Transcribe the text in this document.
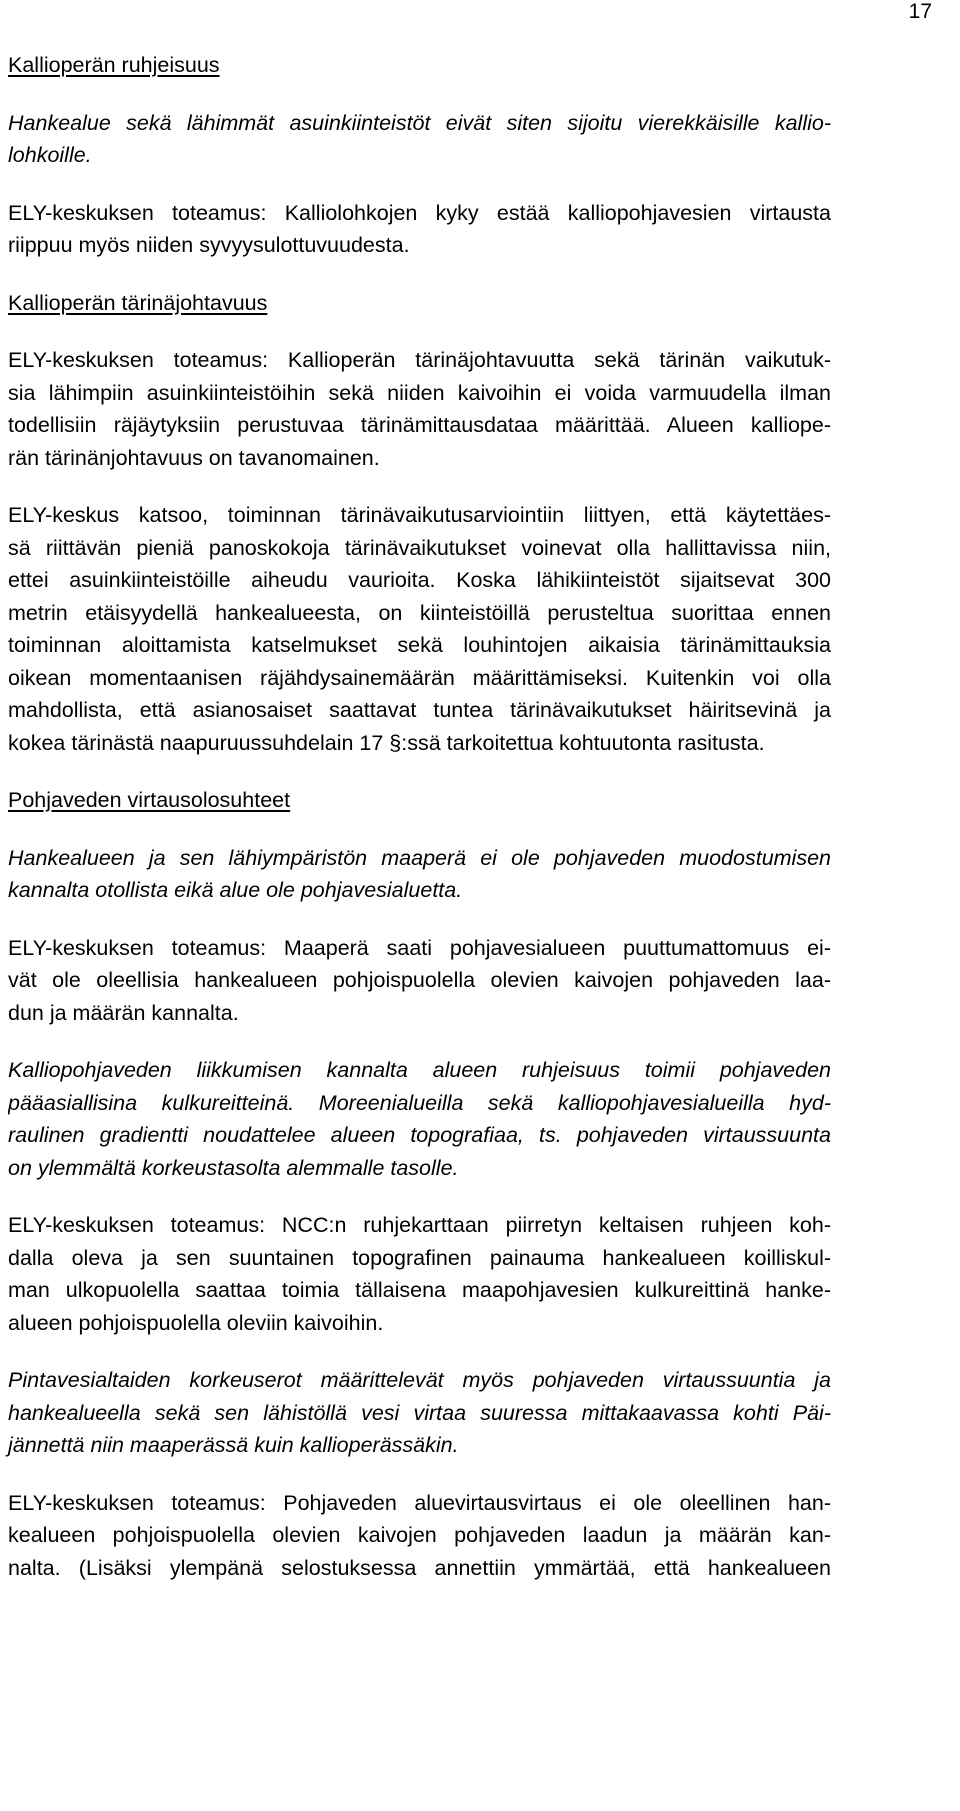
17
Kallioperän ruhjeisuus
Hankealue sekä lähimmät asuinkiinteistöt eivät siten sijoitu vierekkäisille kallio-
lohkoille.
ELY-keskuksen toteamus: Kalliolohkojen kyky estää kalliopohjavesien virtausta
riippuu myös niiden syvyysulottuvuudesta.
Kallioperän tärinäjohtavuus
ELY-keskuksen toteamus: Kallioperän tärinäjohtavuutta sekä tärinän vaikutuk-
sia lähimpiin asuinkiinteistöihin sekä niiden kaivoihin ei voida varmuudella ilman
todellisiin räjäytyksiin perustuvaa tärinämittausdataa määrittää. Alueen kalliope-
rän tärinänjohtavuus on tavanomainen.
ELY-keskus katsoo, toiminnan tärinävaikutusarviointiin liittyen, että käytettäes-
sä riittävän pieniä panoskokoja tärinävaikutukset voinevat olla hallittavissa niin,
ettei asuinkiinteistöille aiheudu vaurioita. Koska lähikiinteistöt sijaitsevat 300
metrin etäisyydellä hankealueesta, on kiinteistöillä perusteltua suorittaa ennen
toiminnan aloittamista katselmukset sekä louhintojen aikaisia tärinämittauksia
oikean momentaanisen räjähdysainemäärän määrittämiseksi. Kuitenkin voi olla
mahdollista, että asianosaiset saattavat tuntea tärinävaikutukset häiritsevinä ja
kokea tärinästä naapuruussuhdelain 17 §:ssä tarkoitettua kohtuutonta rasitusta.
Pohjaveden virtausolosuhteet
Hankealueen ja sen lähiympäristön maaperä ei ole pohjaveden muodostumisen
kannalta otollista eikä alue ole pohjavesialuetta.
ELY-keskuksen toteamus: Maaperä saati pohjavesialueen puuttumattomuus ei-
vät ole oleellisia hankealueen pohjoispuolella olevien kaivojen pohjaveden laa-
dun ja määrän kannalta.
Kalliopohjaveden liikkumisen kannalta alueen ruhjeisuus toimii pohjaveden
pääasiallisina kulkureitteinä. Moreenialueilla sekä kalliopohjavesialueilla hyd-
raulinen gradientti noudattelee alueen topografiaa, ts. pohjaveden virtaussuunta
on ylemmältä korkeustasolta alemmalle tasolle.
ELY-keskuksen toteamus: NCC:n ruhjekarttaan piirretyn keltaisen ruhjeen koh-
dalla oleva ja sen suuntainen topografinen painauma hankealueen koilliskul-
man ulkopuolella saattaa toimia tällaisena maapohjavesien kulkureittinä hanke-
alueen pohjoispuolella oleviin kaivoihin.
Pintavesialtaiden korkeuserot määrittelevät myös pohjaveden virtaussuuntia ja
hankealueella sekä sen lähistöllä vesi virtaa suuressa mittakaavassa kohti Päi-
jännettä niin maaperässä kuin kallioperässäkin.
ELY-keskuksen toteamus: Pohjaveden aluevirtausvirtaus ei ole oleellinen han-
kealueen pohjoispuolella olevien kaivojen pohjaveden laadun ja määrän kan-
nalta. (Lisäksi ylempänä selostuksessa annettiin ymmärtää, että hankealueen
